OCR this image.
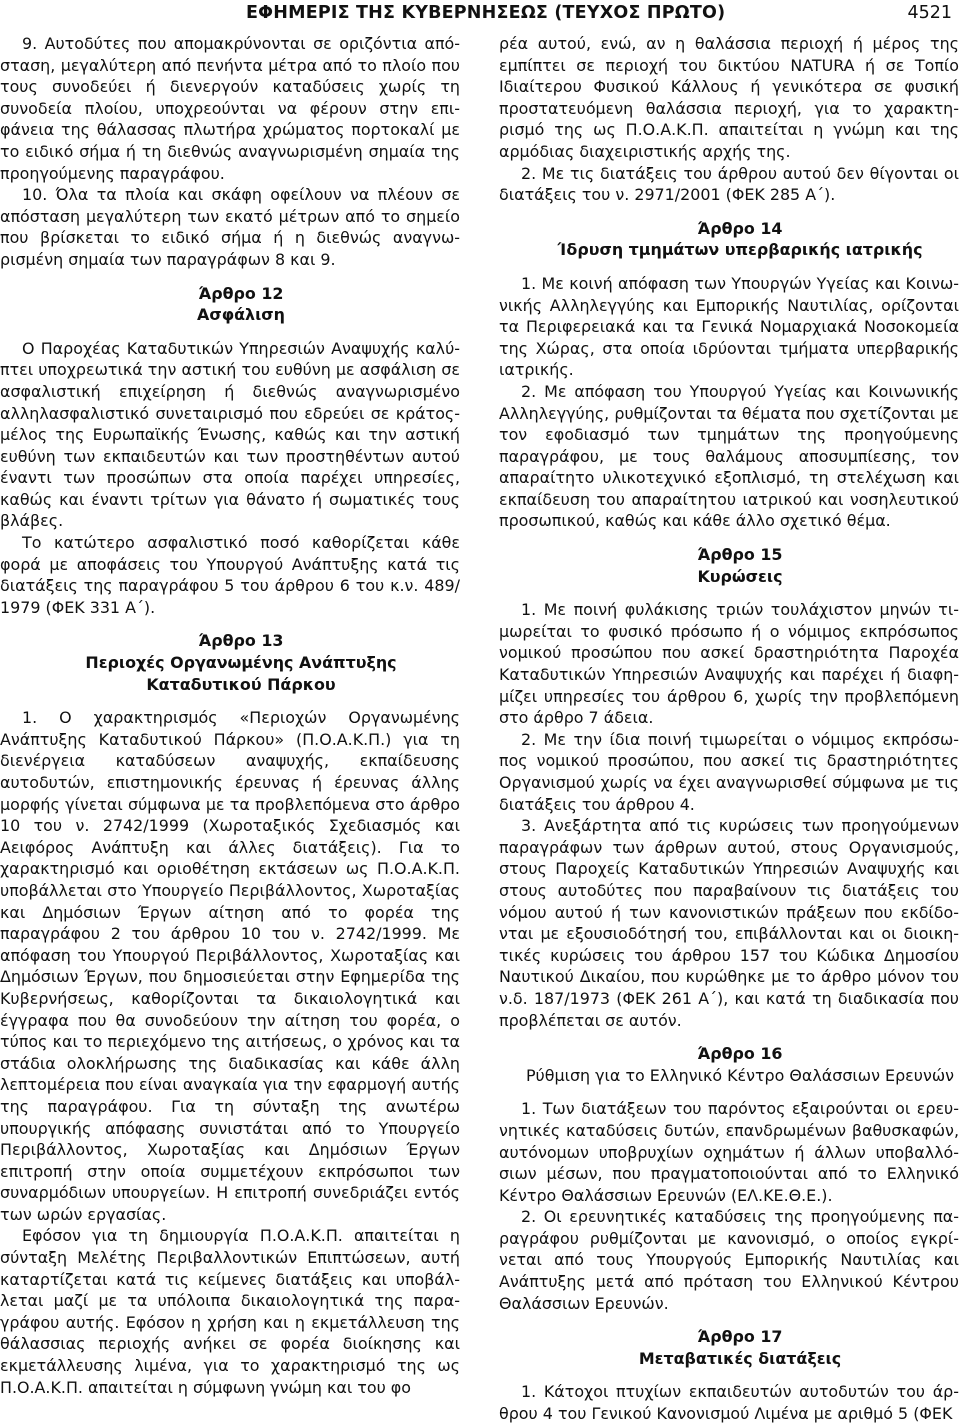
ΕΦΗΜΕΡΙΣ ΤΗΣ ΚΥΒΕΡΝΗΣΕΩΣ (ΤΕΥΧΟΣ ΠΡΩΤΟ)	4521

9. Αυτοδύτες που απομακρύνονται σε οριζόντια απόσταση, μεγαλύτερη από πενήντα μέτρα από το πλοίο που τους συνοδεύει ή διενεργούν καταδύσεις χωρίς τη συνοδεία πλοίου, υποχρεούνται να φέρουν στην επιφάνεια της θάλασσας πλωτήρα χρώματος πορτοκαλί με το ειδικό σήμα ή τη διεθνώς αναγνωρισμένη σημαία της προηγούμενης παραγράφου.

10. Όλα τα πλοία και σκάφη οφείλουν να πλέουν σε απόσταση μεγαλύτερη των εκατό μέτρων από το σημείο που βρίσκεται το ειδικό σήμα ή η διεθνώς αναγνωρισμένη σημαία των παραγράφων 8 και 9.

Άρθρο 12

Ασφάλιση

Ο Παροχέας Καταδυτικών Υπηρεσιών Αναψυχής καλύπτει υποχρεωτικά την αστική του ευθύνη με ασφάλιση σε ασφαλιστική επιχείρηση ή διεθνώς αναγνωρισμένο αλληλασφαλιστικό συνεταιρισμό που εδρεύει σε κράτος-μέλος της Ευρωπαϊκής Ένωσης, καθώς και την αστική ευθύνη των εκπαιδευτών και των προστηθέντων αυτού έναντι των προσώπων στα οποία παρέχει υπηρεσίες, καθώς και έναντι τρίτων για θάνατο ή σωματικές τους βλάβες.

Το κατώτερο ασφαλιστικό ποσό καθορίζεται κάθε φορά με αποφάσεις του Υπουργού Ανάπτυξης κατά τις διατάξεις της παραγράφου 5 του άρθρου 6 του κ.ν. 489/ 1979 (ΦΕΚ 331 Α΄).

Άρθρο 13

Περιοχές Οργανωμένης Ανάπτυξης

Καταδυτικού Πάρκου

1. Ο χαρακτηρισμός «Περιοχών Οργανωμένης Ανάπτυξης Καταδυτικού Πάρκου» (Π.Ο.Α.Κ.Π.) για τη διενέργεια καταδύσεων αναψυχής, εκπαίδευσης αυτοδυτών, επιστημονικής έρευνας ή έρευνας άλλης μορφής γίνεται σύμφωνα με τα προβλεπόμενα στο άρθρο 10 του ν. 2742/1999 (Χωροταξικός Σχεδιασμός και Αειφόρος Ανάπτυξη και άλλες διατάξεις). Για το χαρακτηρισμό και οριοθέτηση εκτάσεων ως Π.Ο.Α.Κ.Π. υποβάλλεται στο Υπουργείο Περιβάλλοντος, Χωροταξίας και Δημόσιων Έργων αίτηση από το φορέα της παραγράφου 2 του άρθρου 10 του ν. 2742/1999. Με απόφαση του Υπουργού Περιβάλλοντος, Χωροταξίας και Δημόσιων Έργων, που δημοσιεύεται στην Εφημερίδα της Κυβερνήσεως, καθορίζονται τα δικαιολογητικά και έγγραφα που θα συνοδεύουν την αίτηση του φορέα, ο τύπος και το περιεχόμενο της αιτήσεως, ο χρόνος και τα στάδια ολοκλήρωσης της διαδικασίας και κάθε άλλη λεπτομέρεια που είναι αναγκαία για την εφαρμογή αυτής της παραγράφου. Για τη σύνταξη της ανωτέρω υπουργικής απόφασης συνιστάται από το Υπουργείο Περιβάλλοντος, Χωροταξίας και Δημόσιων Έργων επιτροπή στην οποία συμμετέχουν εκπρόσωποι των συναρμόδιων υπουργείων. Η επιτροπή συνεδριάζει εντός των ωρών εργασίας.

Εφόσον για τη δημιουργία Π.Ο.Α.Κ.Π. απαιτείται η σύνταξη Μελέτης Περιβαλλοντικών Επιπτώσεων, αυτή καταρτίζεται κατά τις κείμενες διατάξεις και υποβάλλεται μαζί με τα υπόλοιπα δικαιολογητικά της παραγράφου αυτής. Εφόσον η χρήση και η εκμετάλλευση της θάλασσιας περιοχής ανήκει σε φορέα διοίκησης και εκμετάλλευσης λιμένα, για το χαρακτηρισμό της ως Π.Ο.Α.Κ.Π. απαιτείται η σύμφωνη γνώμη και του φο

ρέα αυτού, ενώ, αν η θαλάσσια περιοχή ή μέρος της εμπίπτει σε περιοχή του δικτύου NATURA ή σε Τοπίο Ιδιαίτερου Φυσικού Κάλλους ή γενικότερα σε φυσική προστατευόμενη θαλάσσια περιοχή, για το χαρακτηρισμό της ως Π.Ο.Α.Κ.Π. απαιτείται η γνώμη και της αρμόδιας διαχειριστικής αρχής της.

2. Με τις διατάξεις του άρθρου αυτού δεν θίγονται οι διατάξεις του ν. 2971/2001 (ΦΕΚ 285 Α΄).

Άρθρο 14

Ίδρυση τμημάτων υπερβαρικής ιατρικής

1. Με κοινή απόφαση των Υπουργών Υγείας και Κοινωνικής Αλληλεγγύης και Εμπορικής Ναυτιλίας, ορίζονται τα Περιφερειακά και τα Γενικά Νομαρχιακά Νοσοκομεία της Χώρας, στα οποία ιδρύονται τμήματα υπερβαρικής ιατρικής.

2. Με απόφαση του Υπουργού Υγείας και Κοινωνικής Αλληλεγγύης, ρυθμίζονται τα θέματα που σχετίζονται με τον εφοδιασμό των τμημάτων της προηγούμενης παραγράφου, με τους θαλάμους αποσυμπίεσης, τον απαραίτητο υλικοτεχνικό εξοπλισμό, τη στελέχωση και εκπαίδευση του απαραίτητου ιατρικού και νοσηλευτικού προσωπικού, καθώς και κάθε άλλο σχετικό θέμα.

Άρθρο 15

Κυρώσεις

1. Με ποινή φυλάκισης τριών τουλάχιστον μηνών τιμωρείται το φυσικό πρόσωπο ή ο νόμιμος εκπρόσωπος νομικού προσώπου που ασκεί δραστηριότητα Παροχέα Καταδυτικών Υπηρεσιών Αναψυχής και παρέχει ή διαφημίζει υπηρεσίες του άρθρου 6, χωρίς την προβλεπόμενη στο άρθρο 7 άδεια.

2. Με την ίδια ποινή τιμωρείται ο νόμιμος εκπρόσωπος νομικού προσώπου, που ασκεί τις δραστηριότητες Οργανισμού χωρίς να έχει αναγνωρισθεί σύμφωνα με τις διατάξεις του άρθρου 4.

3. Ανεξάρτητα από τις κυρώσεις των προηγούμενων παραγράφων των άρθρων αυτού, στους Οργανισμούς, στους Παροχείς Καταδυτικών Υπηρεσιών Αναψυχής και στους αυτοδύτες που παραβαίνουν τις διατάξεις του νόμου αυτού ή των κανονιστικών πράξεων που εκδίδονται με εξουσιοδότησή του, επιβάλλονται και οι διοικητικές κυρώσεις του άρθρου 157 του Κώδικα Δημοσίου Ναυτικού Δικαίου, που κυρώθηκε με το άρθρο μόνον του ν.δ. 187/1973 (ΦΕΚ 261 Α΄), και κατά τη διαδικασία που προβλέπεται σε αυτόν.

Άρθρο 16

Ρύθμιση για το Ελληνικό Κέντρο Θαλάσσιων Ερευνών

1. Των διατάξεων του παρόντος εξαιρούνται οι ερευνητικές καταδύσεις δυτών, επανδρωμένων βαθυσκαφών, αυτόνομων υποβρυχίων οχημάτων ή άλλων υποβαλλόσιων μέσων, που πραγματοποιούνται από το Ελληνικό Κέντρο Θαλάσσιων Ερευνών (ΕΛ.ΚΕ.Θ.Ε.).

2. Οι ερευνητικές καταδύσεις της προηγούμενης παραγράφου ρυθμίζονται με κανονισμό, ο οποίος εγκρίνεται από τους Υπουργούς Εμπορικής Ναυτιλίας και Ανάπτυξης μετά από πρόταση του Ελληνικού Κέντρου Θαλάσσιων Ερευνών.

Άρθρο 17

Μεταβατικές διατάξεις

1. Κάτοχοι πτυχίων εκπαιδευτών αυτοδυτών του άρθρου 4 του Γενικού Κανονισμού Λιμένα με αριθμό 5 (ΦΕΚ
